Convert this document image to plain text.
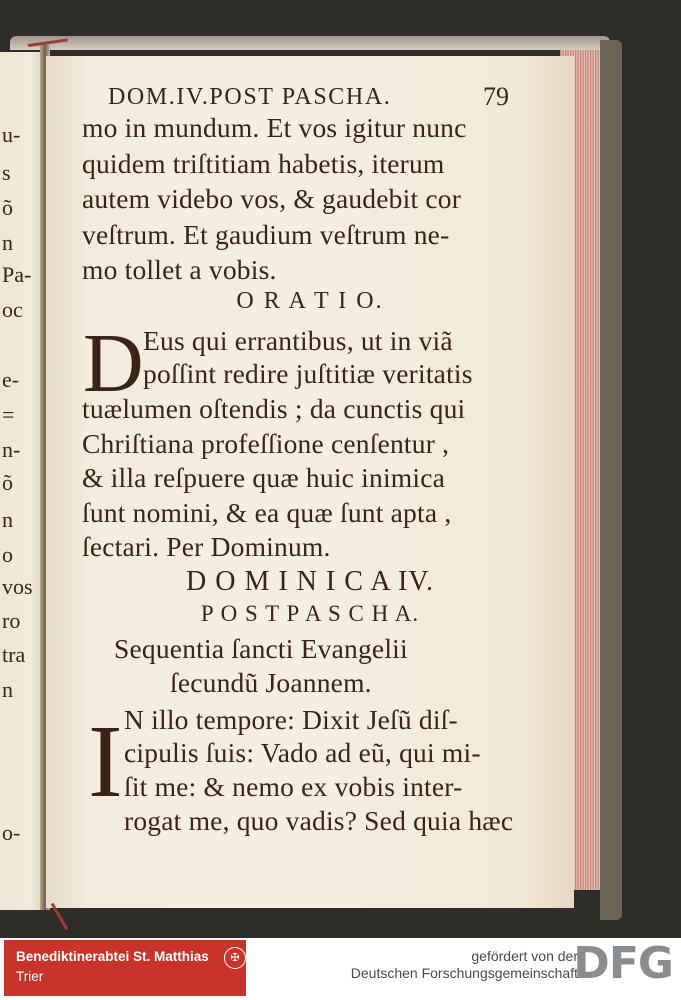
u-
s
õ
n
Pa-
oc
e-
=
n-
õ
n
o
vos
ro
tra
n
o-
DOM.IV.POST PASCHA.	79
mo in mundum. Et vos igitur nunc
quidem triſtitiam habetis, iterum
autem videbo vos, & gaudebit cor
veſtrum. Et gaudium veſtrum ne-
mo tollet a vobis.
O R A T I O.
D Eus qui errantibus, ut in viã
poſſint redire juſtitiæ veritatis
tuælumen oſtendis ; da cunctis qui
Chriſtiana profeſſione cenſentur ,
& illa reſpuere quæ huic inimica
ſunt nomini, & ea quæ ſunt apta ,
ſectari. Per Dominum.
D O M I N I C A IV.
P O S T P A S C H A.
Sequentia ſancti Evangelii
ſecundũ Joannem.
I N illo tempore: Dixit Jeſũ diſ-
cipulis ſuis: Vado ad eũ, qui mi-
ſit me: & nemo ex vobis inter-
rogat me, quo vadis? Sed quia hæc
Benediktinerabtei St. Matthias
Trier
✠	gefördert von der
Deutschen Forschungsgemeinschaft
DFG
